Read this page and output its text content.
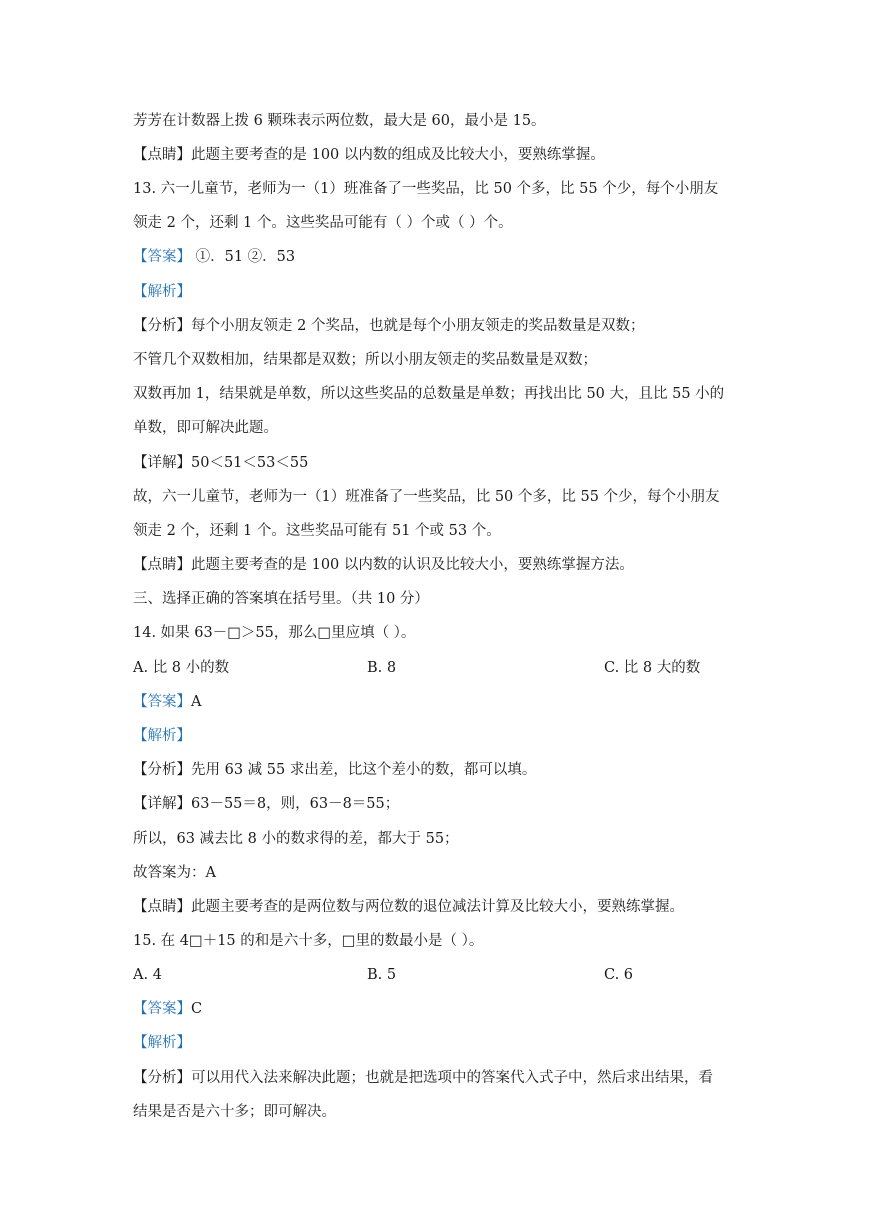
芳芳在计数器上拨 6 颗珠表示两位数，最大是 60，最小是 15。
【点睛】此题主要考查的是 100 以内数的组成及比较大小，要熟练掌握。
13. 六一儿童节，老师为一（1）班准备了一些奖品，比 50 个多，比 55 个少，每个小朋友
领走 2 个，还剩 1 个。这些奖品可能有（ ）个或（ ）个。
【答案】 ①．51 ②．53
【解析】
【分析】每个小朋友领走 2 个奖品，也就是每个小朋友领走的奖品数量是双数；
不管几个双数相加，结果都是双数；所以小朋友领走的奖品数量是双数；
双数再加 1，结果就是单数，所以这些奖品的总数量是单数；再找出比 50 大，且比 55 小的
单数，即可解决此题。
【详解】50＜51＜53＜55
故，六一儿童节，老师为一（1）班准备了一些奖品，比 50 个多，比 55 个少，每个小朋友
领走 2 个，还剩 1 个。这些奖品可能有 51 个或 53 个。
【点睛】此题主要考查的是 100 以内数的认识及比较大小，要熟练掌握方法。
三、选择正确的答案填在括号里。（共 10 分）
14. 如果 63－□＞55，那么□里应填（ ）。
A. 比 8 小的数	B. 8	C. 比 8 大的数
【答案】A
【解析】
【分析】先用 63 减 55 求出差，比这个差小的数，都可以填。
【详解】63－55＝8，则，63－8＝55；
所以，63 减去比 8 小的数求得的差，都大于 55；
故答案为：A
【点睛】此题主要考查的是两位数与两位数的退位减法计算及比较大小，要熟练掌握。
15. 在 4□＋15 的和是六十多，□里的数最小是（ ）。
A. 4	B. 5	C. 6
【答案】C
【解析】
【分析】可以用代入法来解决此题；也就是把选项中的答案代入式子中，然后求出结果，看
结果是否是六十多；即可解决。
